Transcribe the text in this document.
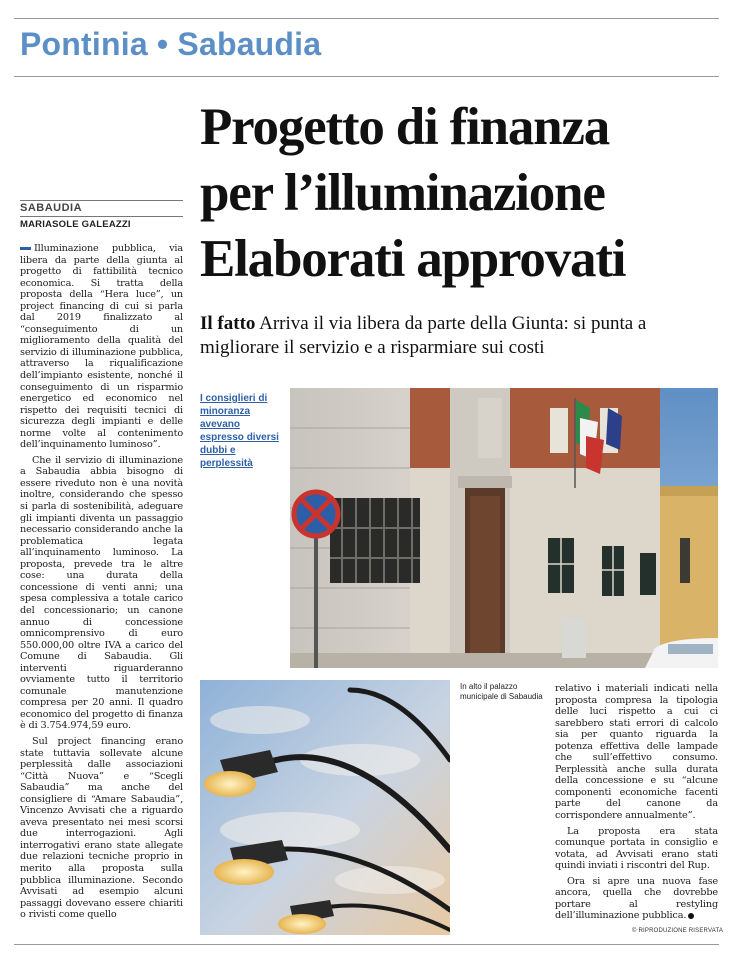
Pontinia • Sabaudia
Progetto di finanza
per l’illuminazione
Elaborati approvati
Il fatto Arriva il via libera da parte della Giunta: si punta a migliorare il servizio e a risparmiare sui costi
SABAUDIA
MARIASOLE GALEAZZI

Illuminazione pubblica, via libera da parte della giunta al progetto di fattibilità tecnico economica. Si tratta della proposta della “Hera luce”, un project financing di cui si parla dal 2019 finalizzato al “conseguimento di un miglioramento della qualità del servizio di illuminazione pubblica, attraverso la riqualificazione dell’impianto esistente, nonché il conseguimento di un risparmio energetico ed economico nel rispetto dei requisiti tecnici di sicurezza degli impianti e delle norme volte al contenimento dell’inquinamento luminoso”.

Che il servizio di illuminazione a Sabaudia abbia bisogno di essere riveduto non è una novità inoltre, considerando che spesso si parla di sostenibilità, adeguare gli impianti diventa un passaggio necessario considerando anche la problematica legata all’inquinamento luminoso. La proposta, prevede tra le altre cose: una durata della concessione di venti anni; una spesa complessiva a totale carico del concessionario; un canone annuo di concessione omnicomprensivo di euro 550.000,00 oltre IVA a carico del Comune di Sabaudia. Gli interventi riguarderanno ovviamente tutto il territorio comunale manutenzione compresa per 20 anni. Il quadro economico del progetto di finanza è di 3.754.974,59 euro.

Sul project financing erano state tuttavia sollevate alcune perplessità dalle associazioni “Città Nuova” e “Scegli Sabaudia” ma anche del consigliere di “Amare Sabaudia”, Vincenzo Avvisati che a riguardo aveva presentato nei mesi scorsi due interrogazioni. Agli interrogativi erano state allegate due relazioni tecniche proprio in merito alla proposta sulla pubblica illuminazione. Secondo Avvisati ad esempio alcuni passaggi dovevano essere chiariti o rivisti come quello

I consiglieri di minoranza avevano espresso diversi dubbi e perplessità
In alto il palazzo municipale di Sabaudia

relativo i materiali indicati nella proposta compresa la tipologia delle luci rispetto a cui ci sarebbero stati errori di calcolo sia per quanto riguarda la potenza effettiva delle lampade che sull’effettivo consumo. Perplessità anche sulla durata della concessione e su “alcune componenti economiche facenti parte del canone da corrispondere annualmente”.

La proposta era stata comunque portata in consiglio e votata, ad Avvisati erano stati quindi inviati i riscontri del Rup.

Ora si apre una nuova fase ancora, quella che dovrebbe portare al restyling dell’illuminazione pubblica.

© RIPRODUZIONE RISERVATA
